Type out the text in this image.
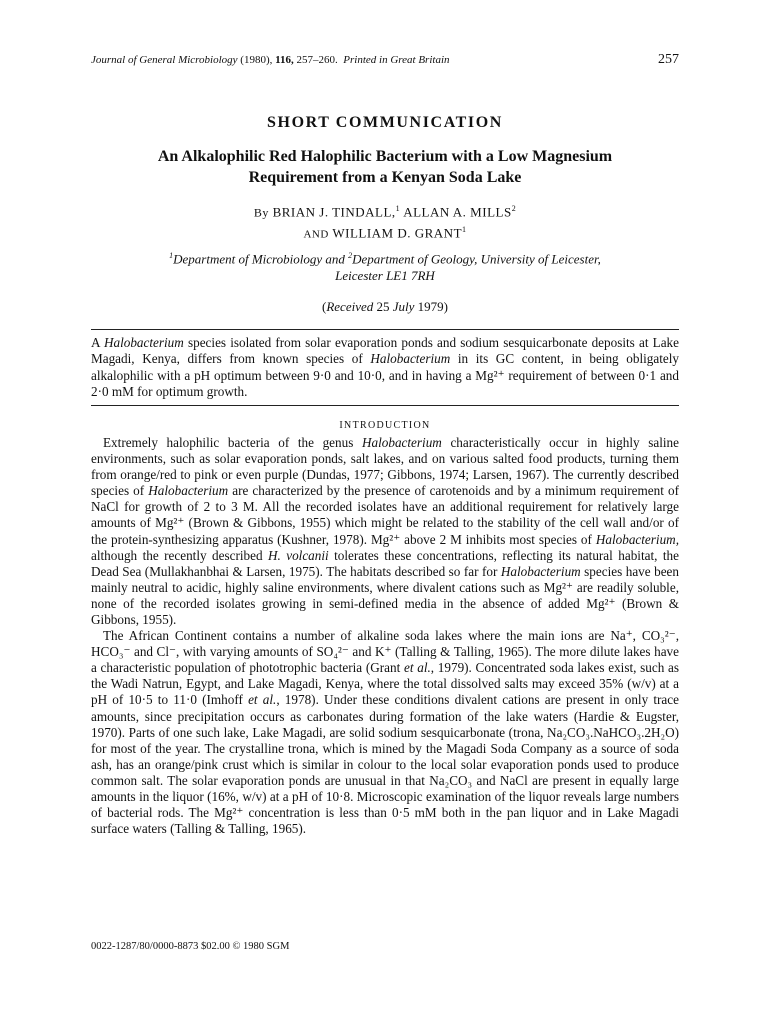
Journal of General Microbiology (1980), 116, 257–260. Printed in Great Britain	257
SHORT COMMUNICATION
An Alkalophilic Red Halophilic Bacterium with a Low Magnesium
Requirement from a Kenyan Soda Lake
By BRIAN J. TINDALL,$^1$ ALLAN A. MILLS$^2$
AND WILLIAM D. GRANT$^1$
$^1$Department of Microbiology and $^2$Department of Geology, University of Leicester,
Leicester LE1 7RH
(Received 25 July 1979)
A Halobacterium species isolated from solar evaporation ponds and sodium sesquicarbonate deposits at Lake Magadi, Kenya, differs from known species of Halobacterium in its GC content, in being obligately alkalophilic with a pH optimum between 9·0 and 10·0, and in having a Mg²⁺ requirement of between 0·1 and 2·0 mM for optimum growth.
INTRODUCTION

Extremely halophilic bacteria of the genus Halobacterium characteristically occur in highly saline environments, such as solar evaporation ponds, salt lakes, and on various salted food products, turning them from orange/red to pink or even purple (Dundas, 1977; Gibbons, 1974; Larsen, 1967). The currently described species of Halobacterium are characterized by the presence of carotenoids and by a minimum requirement of NaCl for growth of 2 to 3 M. All the recorded isolates have an additional requirement for relatively large amounts of Mg²⁺ (Brown & Gibbons, 1955) which might be related to the stability of the cell wall and/or of the protein-synthesizing apparatus (Kushner, 1978). Mg²⁺ above 2 M inhibits most species of Halobacterium, although the recently described H. volcanii tolerates these concentrations, reflecting its natural habitat, the Dead Sea (Mullakhanbhai & Larsen, 1975). The habitats described so far for Halobacterium species have been mainly neutral to acidic, highly saline environments, where divalent cations such as Mg²⁺ are readily soluble, none of the recorded isolates growing in semi-defined media in the absence of added Mg²⁺ (Brown & Gibbons, 1955).

The African Continent contains a number of alkaline soda lakes where the main ions are Na⁺, CO₃²⁻, HCO₃⁻ and Cl⁻, with varying amounts of SO₄²⁻ and K⁺ (Talling & Talling, 1965). The more dilute lakes have a characteristic population of phototrophic bacteria (Grant et al., 1979). Concentrated soda lakes exist, such as the Wadi Natrun, Egypt, and Lake Magadi, Kenya, where the total dissolved salts may exceed 35% (w/v) at a pH of 10·5 to 11·0 (Imhoff et al., 1978). Under these conditions divalent cations are present in only trace amounts, since precipitation occurs as carbonates during formation of the lake waters (Hardie & Eugster, 1970). Parts of one such lake, Lake Magadi, are solid sodium sesquicarbonate (trona, Na₂CO₃.NaHCO₃.2H₂O) for most of the year. The crystalline trona, which is mined by the Magadi Soda Company as a source of soda ash, has an orange/pink crust which is similar in colour to the local solar evaporation ponds used to produce common salt. The solar evaporation ponds are unusual in that Na₂CO₃ and NaCl are present in equally large amounts in the liquor (16%, w/v) at a pH of 10·8. Microscopic examination of the liquor reveals large numbers of bacterial rods. The Mg²⁺ concentration is less than 0·5 mM both in the pan liquor and in Lake Magadi surface waters (Talling & Talling, 1965).

0022-1287/80/0000-8873 $02.00 © 1980 SGM
